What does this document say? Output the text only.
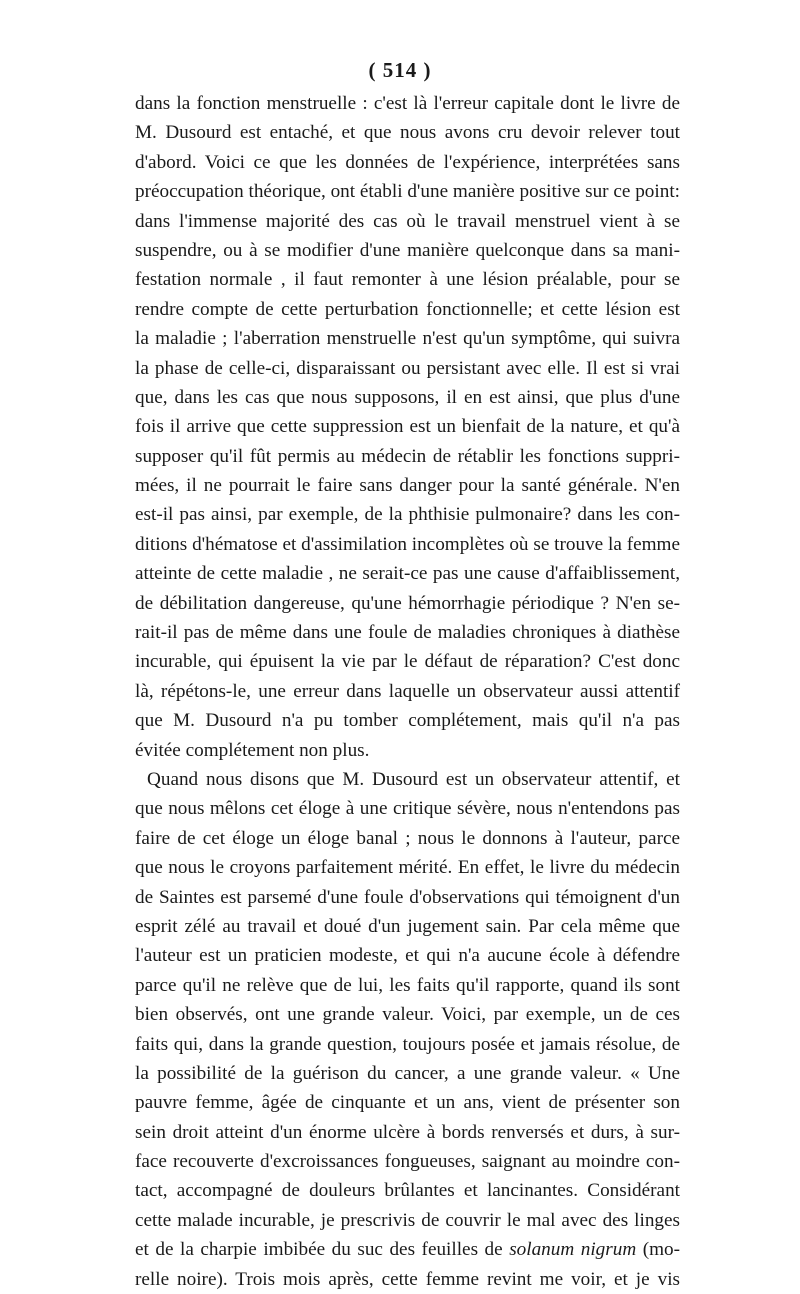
( 514 )
dans la fonction menstruelle : c'est là l'erreur capitale dont le livre de
M. Dusourd est entaché, et que nous avons cru devoir relever tout
d'abord. Voici ce que les données de l'expérience, interprétées sans
préoccupation théorique, ont établi d'une manière positive sur ce point:
dans l'immense majorité des cas où le travail menstruel vient à se
suspendre, ou à se modifier d'une manière quelconque dans sa mani-
festation normale , il faut remonter à une lésion préalable, pour se
rendre compte de cette perturbation fonctionnelle; et cette lésion est
la maladie ; l'aberration menstruelle n'est qu'un symptôme, qui suivra
la phase de celle-ci, disparaissant ou persistant avec elle. Il est si vrai
que, dans les cas que nous supposons, il en est ainsi, que plus d'une
fois il arrive que cette suppression est un bienfait de la nature, et qu'à
supposer qu'il fût permis au médecin de rétablir les fonctions suppri-
mées, il ne pourrait le faire sans danger pour la santé générale. N'en
est-il pas ainsi, par exemple, de la phthisie pulmonaire? dans les con-
ditions d'hématose et d'assimilation incomplètes où se trouve la femme
atteinte de cette maladie , ne serait-ce pas une cause d'affaiblissement,
de débilitation dangereuse, qu'une hémorrhagie périodique ? N'en se-
rait-il pas de même dans une foule de maladies chroniques à diathèse
incurable, qui épuisent la vie par le défaut de réparation? C'est donc
là, répétons-le, une erreur dans laquelle un observateur aussi attentif
que M. Dusourd n'a pu tomber complétement, mais qu'il n'a pas
évitée complétement non plus.
Quand nous disons que M. Dusourd est un observateur attentif, et
que nous mêlons cet éloge à une critique sévère, nous n'entendons pas
faire de cet éloge un éloge banal ; nous le donnons à l'auteur, parce
que nous le croyons parfaitement mérité. En effet, le livre du médecin
de Saintes est parsemé d'une foule d'observations qui témoignent d'un
esprit zélé au travail et doué d'un jugement sain. Par cela même que
l'auteur est un praticien modeste, et qui n'a aucune école à défendre
parce qu'il ne relève que de lui, les faits qu'il rapporte, quand ils sont
bien observés, ont une grande valeur. Voici, par exemple, un de ces
faits qui, dans la grande question, toujours posée et jamais résolue, de
la possibilité de la guérison du cancer, a une grande valeur. « Une
pauvre femme, âgée de cinquante et un ans, vient de présenter son
sein droit atteint d'un énorme ulcère à bords renversés et durs, à sur-
face recouverte d'excroissances fongueuses, saignant au moindre con-
tact, accompagné de douleurs brûlantes et lancinantes. Considérant
cette malade incurable, je prescrivis de couvrir le mal avec des linges
et de la charpie imbibée du suc des feuilles de solanum nigrum (mo-
relle noire). Trois mois après, cette femme revint me voir, et je vis
